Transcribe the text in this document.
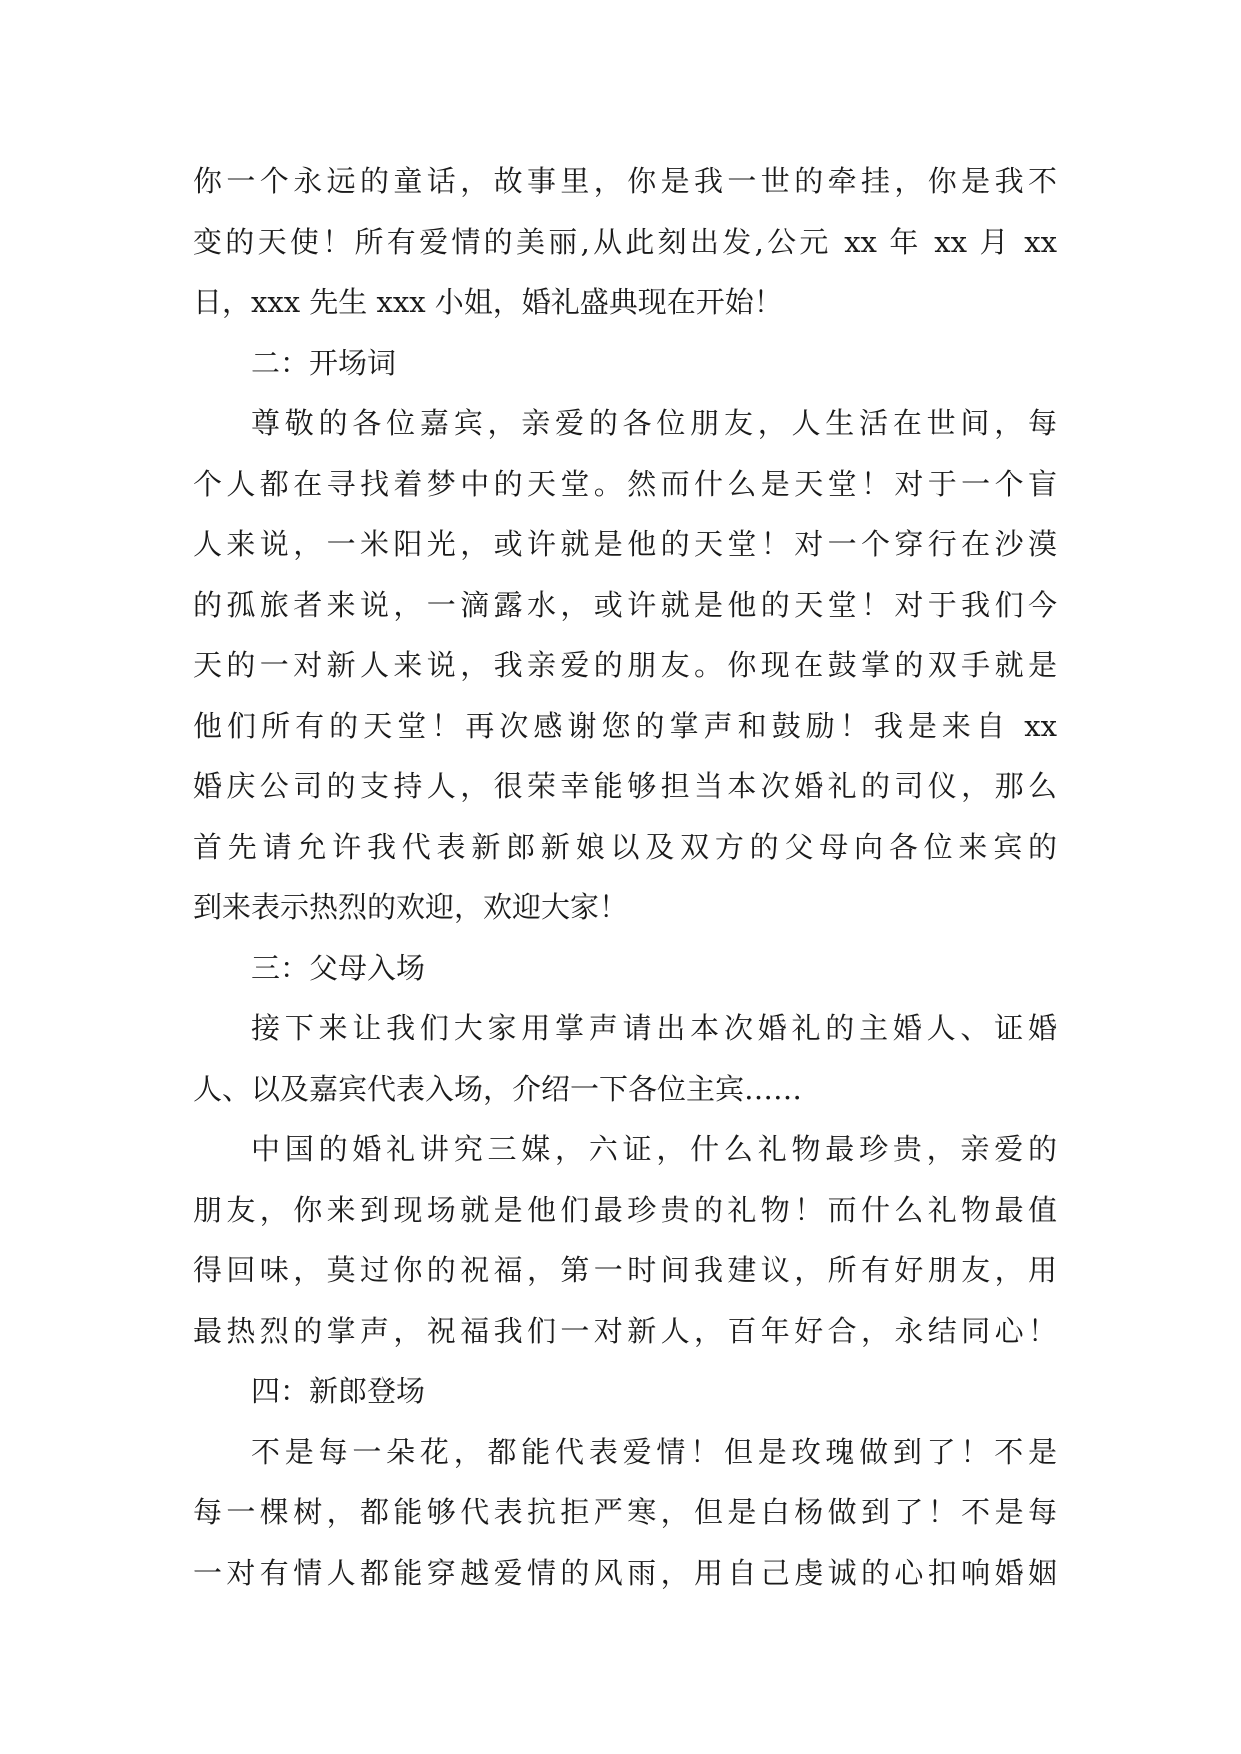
你一个永远的童话，故事里，你是我一世的牵挂，你是我不
变的天使！所有爱情的美丽,从此刻出发,公元 xx 年 xx 月 xx
日，xxx 先生 xxx 小姐，婚礼盛典现在开始！
二：开场词
尊敬的各位嘉宾，亲爱的各位朋友，人生活在世间，每
个人都在寻找着梦中的天堂。然而什么是天堂！对于一个盲
人来说，一米阳光，或许就是他的天堂！对一个穿行在沙漠
的孤旅者来说，一滴露水，或许就是他的天堂！对于我们今
天的一对新人来说，我亲爱的朋友。你现在鼓掌的双手就是
他们所有的天堂！再次感谢您的掌声和鼓励！我是来自 xx
婚庆公司的支持人，很荣幸能够担当本次婚礼的司仪，那么
首先请允许我代表新郎新娘以及双方的父母向各位来宾的
到来表示热烈的欢迎，欢迎大家！
三：父母入场
接下来让我们大家用掌声请出本次婚礼的主婚人、证婚
人、以及嘉宾代表入场，介绍一下各位主宾……
中国的婚礼讲究三媒，六证，什么礼物最珍贵，亲爱的
朋友，你来到现场就是他们最珍贵的礼物！而什么礼物最值
得回味，莫过你的祝福，第一时间我建议，所有好朋友，用
最热烈的掌声，祝福我们一对新人，百年好合，永结同心！
四：新郎登场
不是每一朵花，都能代表爱情！但是玫瑰做到了！不是
每一棵树，都能够代表抗拒严寒，但是白杨做到了！不是每
一对有情人都能穿越爱情的风雨，用自己虔诚的心扣响婚姻
